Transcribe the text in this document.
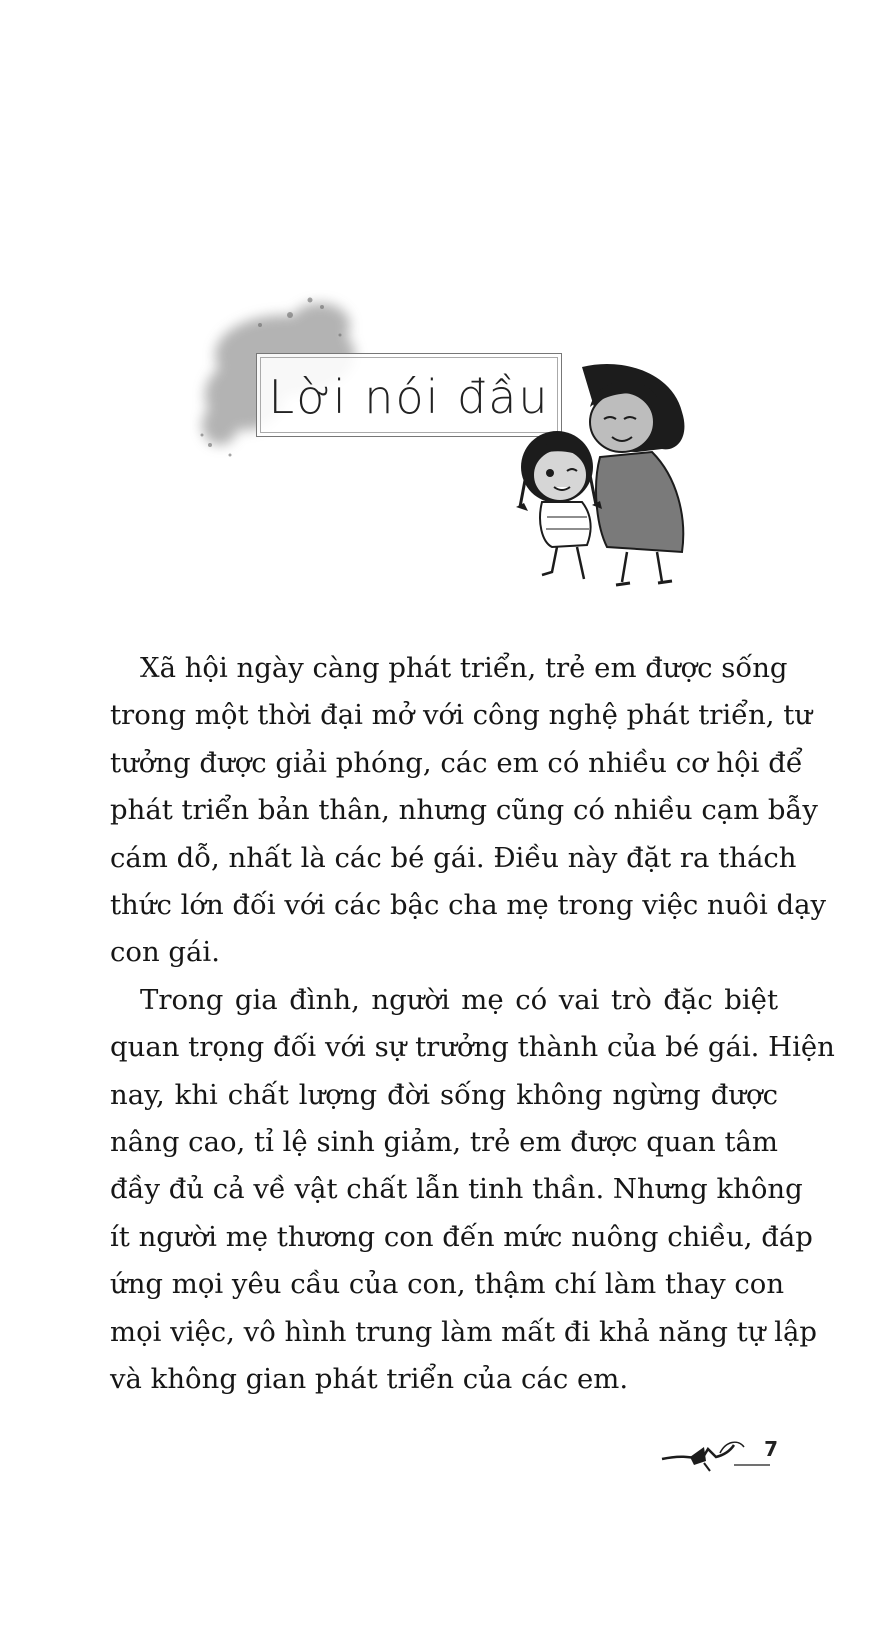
Lời nói đầu

Xã hội ngày càng phát triển, trẻ em được sống
trong một thời đại mở với công nghệ phát triển, tư
tưởng được giải phóng, các em có nhiều cơ hội để
phát triển bản thân, nhưng cũng có nhiều cạm bẫy
cám dỗ, nhất là các bé gái. Điều này đặt ra thách
thức lớn đối với các bậc cha mẹ trong việc nuôi dạy
con gái.

Trong gia đình, người mẹ có vai trò đặc biệt
quan trọng đối với sự trưởng thành của bé gái. Hiện
nay, khi chất lượng đời sống không ngừng được
nâng cao, tỉ lệ sinh giảm, trẻ em được quan tâm
đầy đủ cả về vật chất lẫn tinh thần. Nhưng không
ít người mẹ thương con đến mức nuông chiều, đáp
ứng mọi yêu cầu của con, thậm chí làm thay con
mọi việc, vô hình trung làm mất đi khả năng tự lập
và không gian phát triển của các em.

7
